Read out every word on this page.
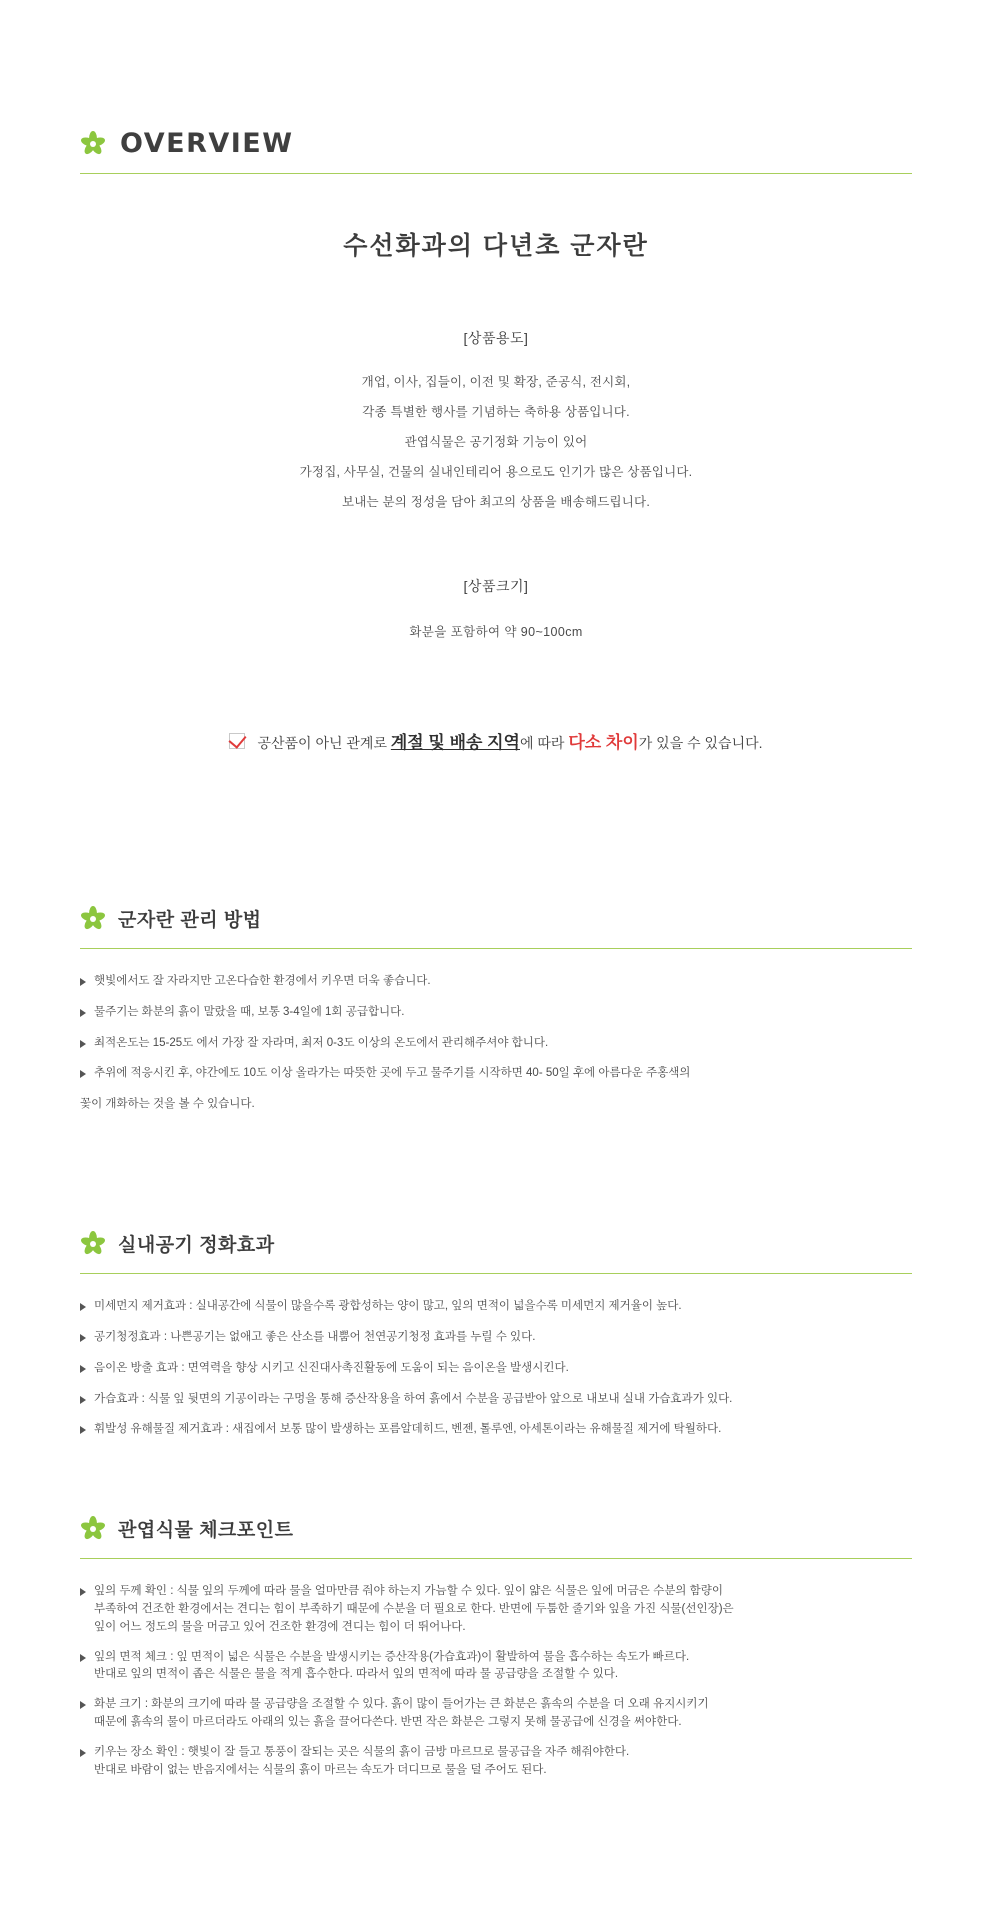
OVERVIEW
수선화과의 다년초 군자란
[상품용도]

개업, 이사, 집들이, 이전 및 확장, 준공식, 전시회,

각종 특별한 행사를 기념하는 축하용 상품입니다.

관엽식물은 공기정화 기능이 있어

가정집, 사무실, 건물의 실내인테리어 용으로도 인기가 많은 상품입니다.

보내는 분의 정성을 담아 최고의 상품을 배송해드립니다.

[상품크기]
화분을 포함하여 약 90~100cm
공산품이 아닌 관계로 계절 및 배송 지역에 따라 다소 차이가 있을 수 있습니다.
군자란 관리 방법
햇빛에서도 잘 자라지만 고온다습한 환경에서 키우면 더욱 좋습니다.
물주기는 화분의 흙이 말랐을 때, 보통 3-4일에 1회 공급합니다.
최적온도는 15-25도 에서 가장 잘 자라며, 최저 0-3도 이상의 온도에서 관리해주셔야 합니다.
추위에 적응시킨 후, 야간에도 10도 이상 올라가는 따뜻한 곳에 두고 물주기를 시작하면 40- 50일 후에 아름다운 주홍색의
꽃이 개화하는 것을 볼 수 있습니다.
실내공기 정화효과
미세먼지 제거효과 : 실내공간에 식물이 많을수록 광합성하는 양이 많고, 잎의 면적이 넓을수록 미세먼지 제거율이 높다.
공기청정효과 : 나쁜공기는 없애고 좋은 산소를 내뿜어 천연공기청정 효과를 누릴 수 있다.
음이온 방출 효과 : 면역력을 향상 시키고 신진대사촉진활동에 도움이 되는 음이온을 발생시킨다.
가습효과 : 식물 잎 뒷면의 기공이라는 구멍을 통해 증산작용을 하여 흙에서 수분을 공급받아 앞으로 내보내 실내 가습효과가 있다.
휘발성 유해물질 제거효과 : 새집에서 보통 많이 발생하는 포름알데히드, 벤젠, 톨루엔, 아세톤이라는 유해물질 제거에 탁월하다.
관엽식물 체크포인트
잎의 두께 확인 : 식물 잎의 두께에 따라 물을 얼마만큼 줘야 하는지 가늠할 수 있다. 잎이 얇은 식물은 잎에 머금은 수분의 함량이
부족하여 건조한 환경에서는 견디는 힘이 부족하기 때문에 수분을 더 필요로 한다. 반면에 두툼한 줄기와 잎을 가진 식물(선인장)은
잎이 어느 정도의 물을 머금고 있어 건조한 환경에 견디는 힘이 더 뛰어나다.
잎의 면적 체크 : 잎 면적이 넓은 식물은 수분을 발생시키는 증산작용(가습효과)이 활발하여 물을 흡수하는 속도가 빠르다.
반대로 잎의 면적이 좁은 식물은 물을 적게 흡수한다. 따라서 잎의 면적에 따라 물 공급량을 조절할 수 있다.
화분 크기 : 화분의 크기에 따라 물 공급량을 조절할 수 있다. 흙이 많이 들어가는 큰 화분은 흙속의 수분을 더 오래 유지시키기
때문에 흙속의 물이 마르더라도 아래의 있는 흙을 끌어다쓴다. 반면 작은 화분은 그렇지 못해 물공급에 신경을 써야한다.
키우는 장소 확인 : 햇빛이 잘 들고 통풍이 잘되는 곳은 식물의 흙이 금방 마르므로 물공급을 자주 해줘야한다.
반대로 바람이 없는 반음지에서는 식물의 흙이 마르는 속도가 더디므로 물을 덜 주어도 된다.
